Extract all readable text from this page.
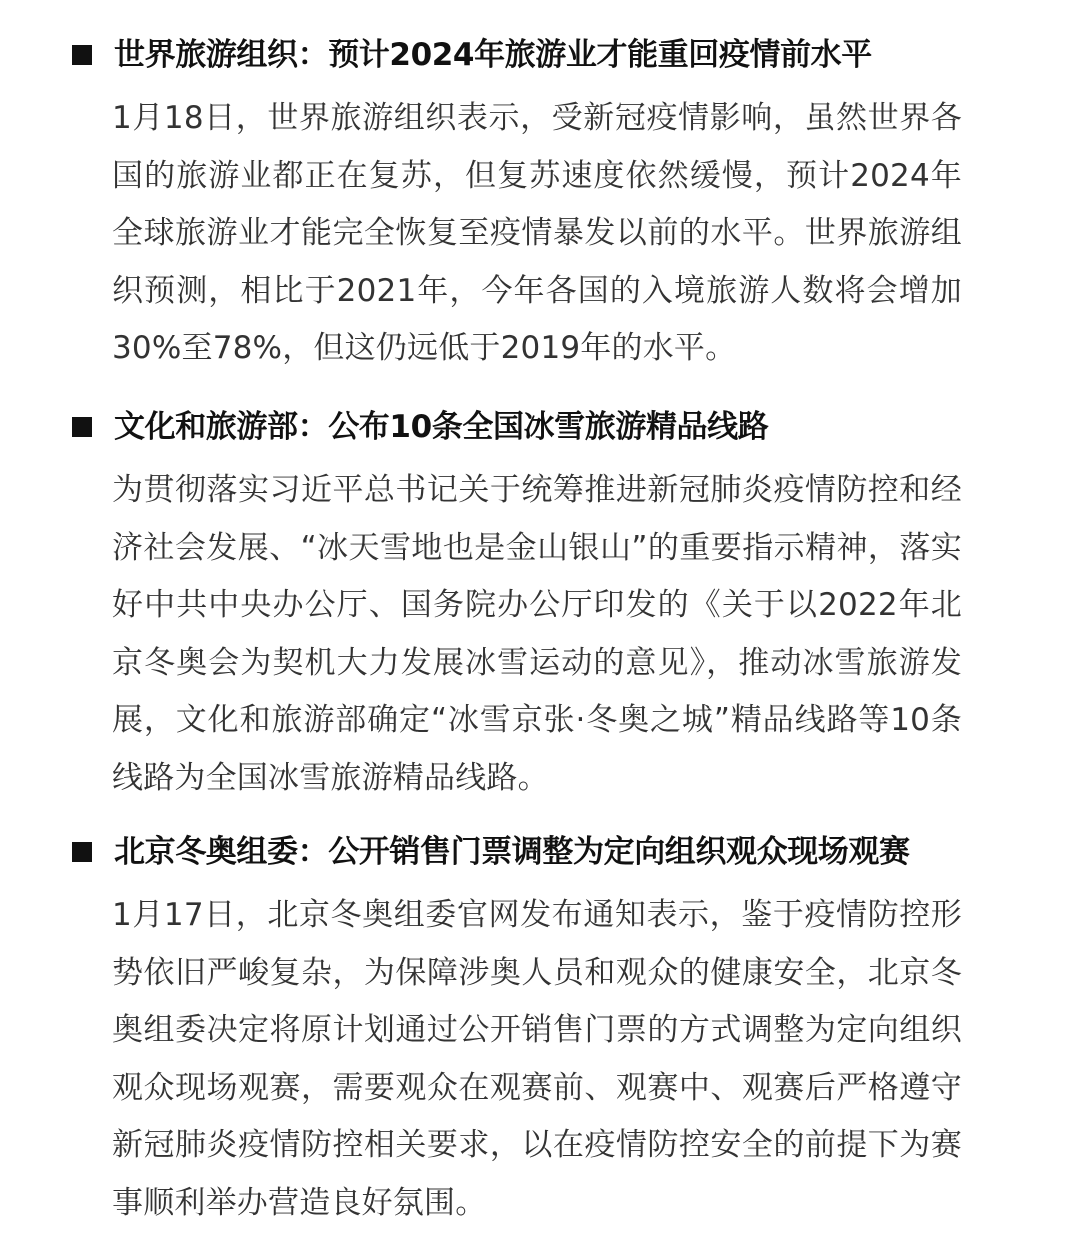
世界旅游组织：预计2024年旅游业才能重回疫情前水平
1月18日，世界旅游组织表示，受新冠疫情影响，虽然世界各国的旅游业都正在复苏，但复苏速度依然缓慢，预计2024年全球旅游业才能完全恢复至疫情暴发以前的水平。世界旅游组织预测，相比于2021年，今年各国的入境旅游人数将会增加30%至78%，但这仍远低于2019年的水平。
文化和旅游部：公布10条全国冰雪旅游精品线路
为贯彻落实习近平总书记关于统筹推进新冠肺炎疫情防控和经济社会发展、“冰天雪地也是金山银山”的重要指示精神，落实好中共中央办公厅、国务院办公厅印发的《关于以2022年北京冬奥会为契机大力发展冰雪运动的意见》，推动冰雪旅游发展，文化和旅游部确定“冰雪京张·冬奥之城”精品线路等10条线路为全国冰雪旅游精品线路。
北京冬奥组委：公开销售门票调整为定向组织观众现场观赛
1月17日，北京冬奥组委官网发布通知表示，鉴于疫情防控形势依旧严峻复杂，为保障涉奥人员和观众的健康安全，北京冬奥组委决定将原计划通过公开销售门票的方式调整为定向组织观众现场观赛，需要观众在观赛前、观赛中、观赛后严格遵守新冠肺炎疫情防控相关要求，以在疫情防控安全的前提下为赛事顺利举办营造良好氛围。
